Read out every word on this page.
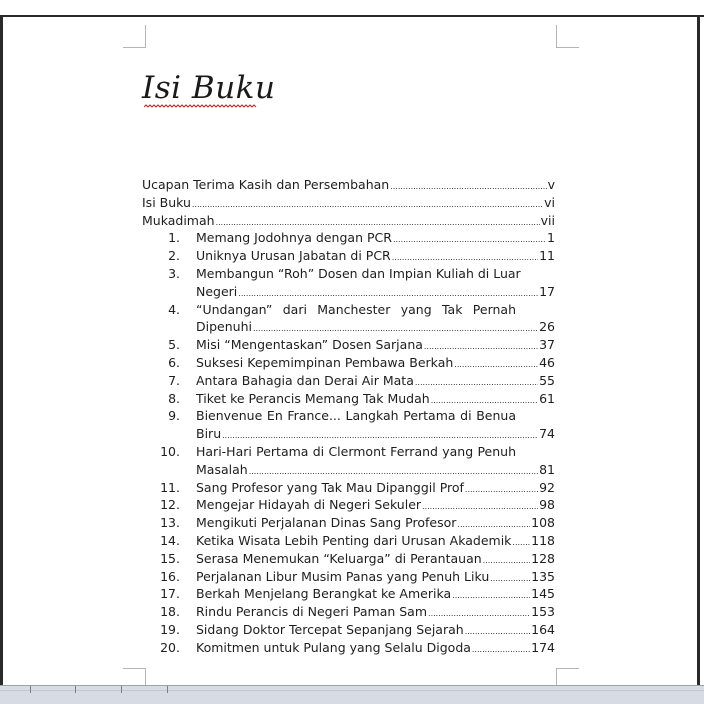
Isi Buku
Ucapan Terima Kasih dan Persembahan .....	v
Isi Buku .....	vi
Mukadimah .....	vii
1. Memang Jodohnya dengan PCR .....	1
2. Uniknya Urusan Jabatan di PCR .....	11
3. Membangun “Roh” Dosen dan Impian Kuliah di Luar
Negeri .....	17
4. “Undangan” dari Manchester yang Tak Pernah
Dipenuhi .....	26
5. Misi “Mengentaskan” Dosen Sarjana .....	37
6. Suksesi Kepemimpinan Pembawa Berkah .....	46
7. Antara Bahagia dan Derai Air Mata .....	55
8. Tiket ke Perancis Memang Tak Mudah .....	61
9. Bienvenue En France... Langkah Pertama di Benua
Biru .....	74
10. Hari-Hari Pertama di Clermont Ferrand yang Penuh
Masalah .....	81
11. Sang Profesor yang Tak Mau Dipanggil Prof .....	92
12. Mengejar Hidayah di Negeri Sekuler .....	98
13. Mengikuti Perjalanan Dinas Sang Profesor .....	108
14. Ketika Wisata Lebih Penting dari Urusan Akademik ..... 118
15. Serasa Menemukan “Keluarga” di Perantauan .....	128
16. Perjalanan Libur Musim Panas yang Penuh Liku .....	135
17. Berkah Menjelang Berangkat ke Amerika .....	145
18. Rindu Perancis di Negeri Paman Sam .....	153
19. Sidang Doktor Tercepat Sepanjang Sejarah .....	164
20. Komitmen untuk Pulang yang Selalu Digoda .....	174
